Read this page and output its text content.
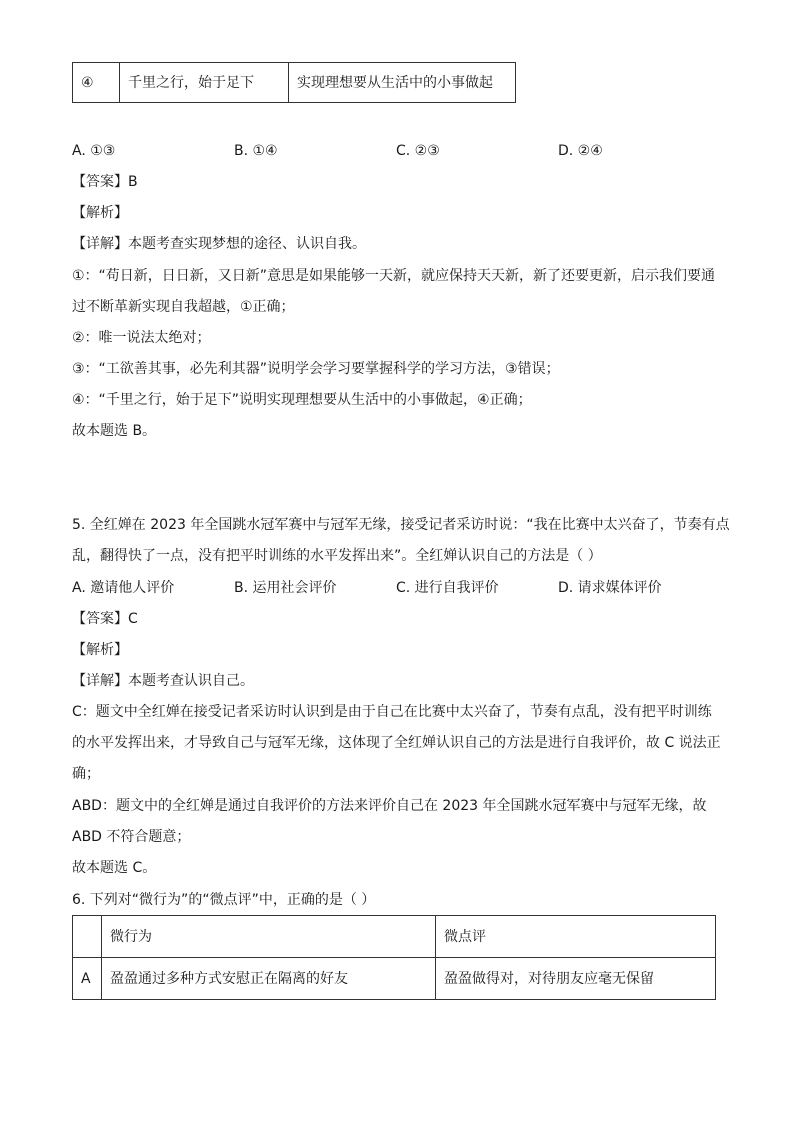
④	千里之行，始于足下	实现理想要从生活中的小事做起
A. ①③	B. ①④	C. ②③	D. ②④
【答案】B
【解析】
【详解】本题考查实现梦想的途径、认识自我。
①：“苟日新，日日新，又日新”意思是如果能够一天新，就应保持天天新，新了还要更新，启示我们要通
过不断革新实现自我超越，①正确；
②：唯一说法太绝对；
③：“工欲善其事，必先利其器”说明学会学习要掌握科学的学习方法，③错误；
④：“千里之行，始于足下”说明实现理想要从生活中的小事做起，④正确；
故本题选 B。
5. 全红婵在 2023 年全国跳水冠军赛中与冠军无缘，接受记者采访时说：“我在比赛中太兴奋了，节奏有点
乱，翻得快了一点，没有把平时训练的水平发挥出来”。全红婵认识自己的方法是（ ）
A. 邀请他人评价	B. 运用社会评价	C. 进行自我评价	D. 请求媒体评价
【答案】C
【解析】
【详解】本题考查认识自己。
C：题文中全红婵在接受记者采访时认识到是由于自己在比赛中太兴奋了，节奏有点乱，没有把平时训练
的水平发挥出来，才导致自己与冠军无缘，这体现了全红婵认识自己的方法是进行自我评价，故 C 说法正
确；
ABD：题文中的全红婵是通过自我评价的方法来评价自己在 2023 年全国跳水冠军赛中与冠军无缘，故
ABD 不符合题意；
故本题选 C。
6. 下列对“微行为”的“微点评”中，正确的是（ ）
	微行为	微点评
A	盈盈通过多种方式安慰正在隔离的好友	盈盈做得对，对待朋友应毫无保留
